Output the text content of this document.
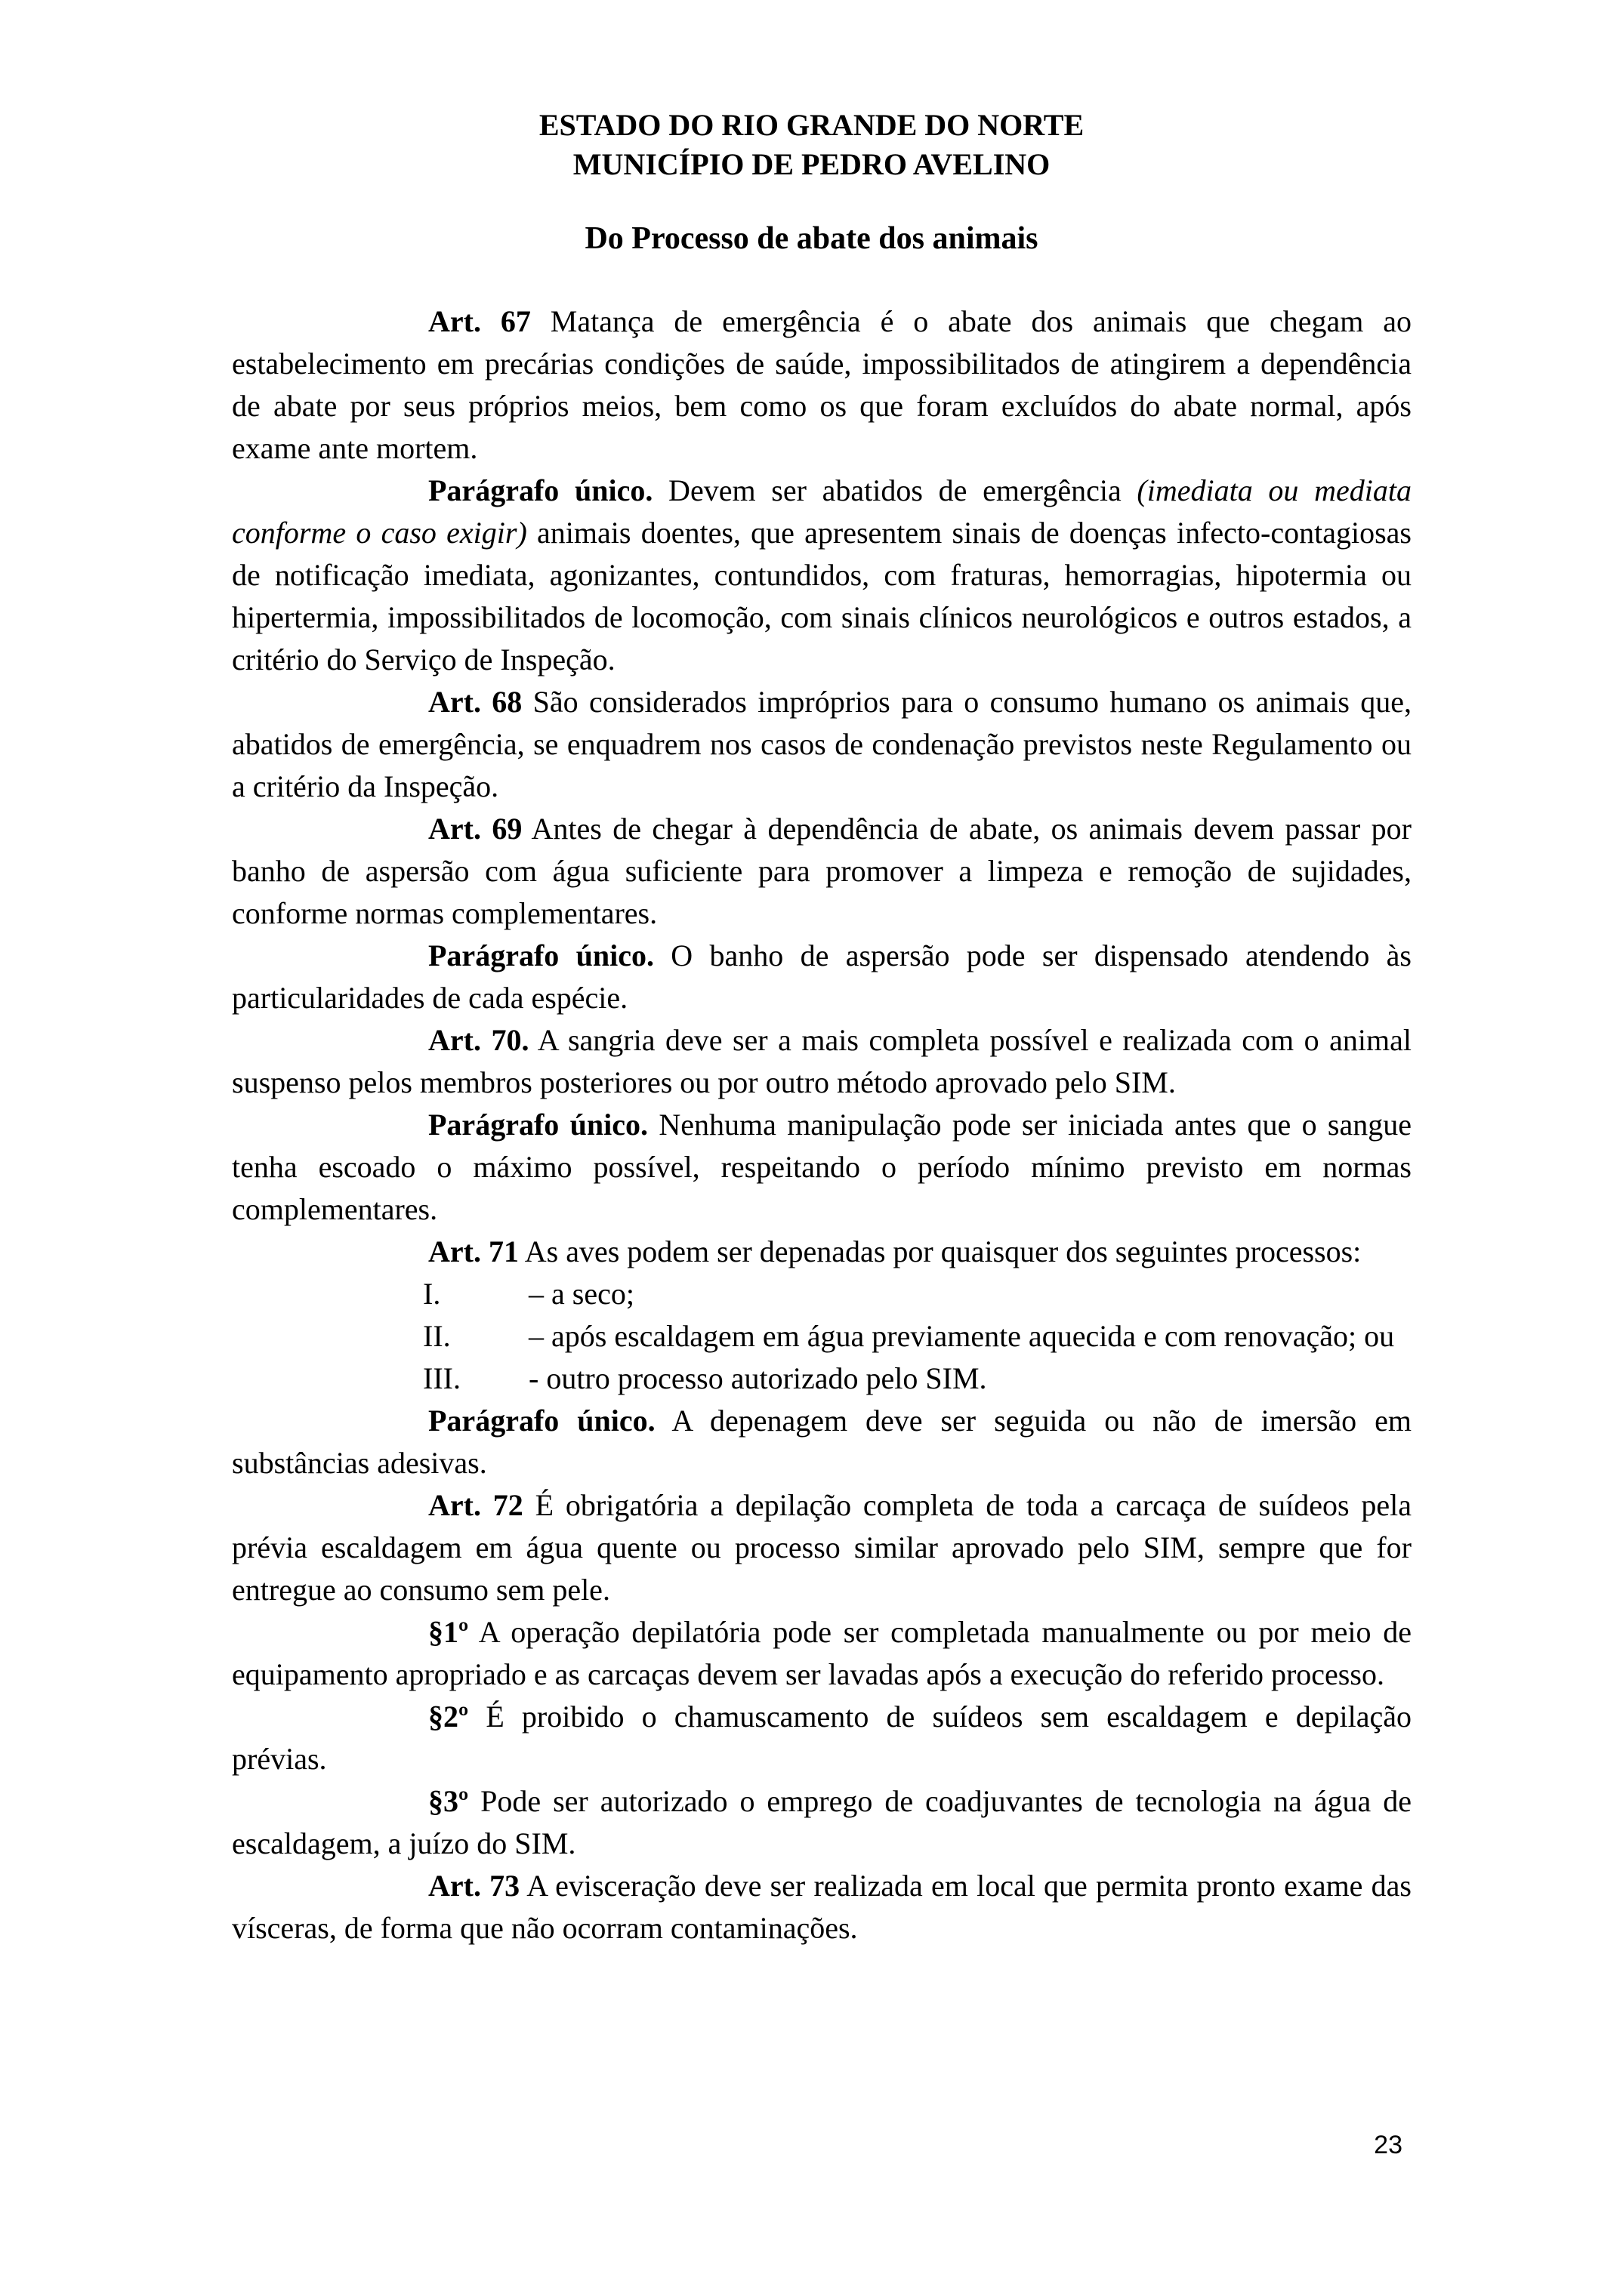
ESTADO DO RIO GRANDE DO NORTE
MUNICÍPIO DE PEDRO AVELINO
Do Processo de abate dos animais

Art. 67 Matança de emergência é o abate dos animais que chegam ao estabelecimento em precárias condições de saúde, impossibilitados de atingirem a dependência de abate por seus próprios meios, bem como os que foram excluídos do abate normal, após exame ante mortem.

Parágrafo único. Devem ser abatidos de emergência (imediata ou mediata conforme o caso exigir) animais doentes, que apresentem sinais de doenças infecto-contagiosas de notificação imediata, agonizantes, contundidos, com fraturas, hemorragias, hipotermia ou hipertermia, impossibilitados de locomoção, com sinais clínicos neurológicos e outros estados, a critério do Serviço de Inspeção.

Art. 68 São considerados impróprios para o consumo humano os animais que, abatidos de emergência, se enquadrem nos casos de condenação previstos neste Regulamento ou a critério da Inspeção.

Art. 69 Antes de chegar à dependência de abate, os animais devem passar por banho de aspersão com água suficiente para promover a limpeza e remoção de sujidades, conforme normas complementares.

Parágrafo único. O banho de aspersão pode ser dispensado atendendo às particularidades de cada espécie.

Art. 70. A sangria deve ser a mais completa possível e realizada com o animal suspenso pelos membros posteriores ou por outro método aprovado pelo SIM.

Parágrafo único. Nenhuma manipulação pode ser iniciada antes que o sangue tenha escoado o máximo possível, respeitando o período mínimo previsto em normas complementares.

Art. 71 As aves podem ser depenadas por quaisquer dos seguintes processos:

I.	– a seco;
II.	– após escaldagem em água previamente aquecida e com renovação; ou
III. - outro processo autorizado pelo SIM.

Parágrafo único. A depenagem deve ser seguida ou não de imersão em substâncias adesivas.

Art. 72 É obrigatória a depilação completa de toda a carcaça de suídeos pela prévia escaldagem em água quente ou processo similar aprovado pelo SIM, sempre que for entregue ao consumo sem pele.

§1º A operação depilatória pode ser completada manualmente ou por meio de equipamento apropriado e as carcaças devem ser lavadas após a execução do referido processo.

§2º É proibido o chamuscamento de suídeos sem escaldagem e depilação prévias.

§3º Pode ser autorizado o emprego de coadjuvantes de tecnologia na água de escaldagem, a juízo do SIM.

Art. 73 A evisceração deve ser realizada em local que permita pronto exame das vísceras, de forma que não ocorram contaminações.

23
